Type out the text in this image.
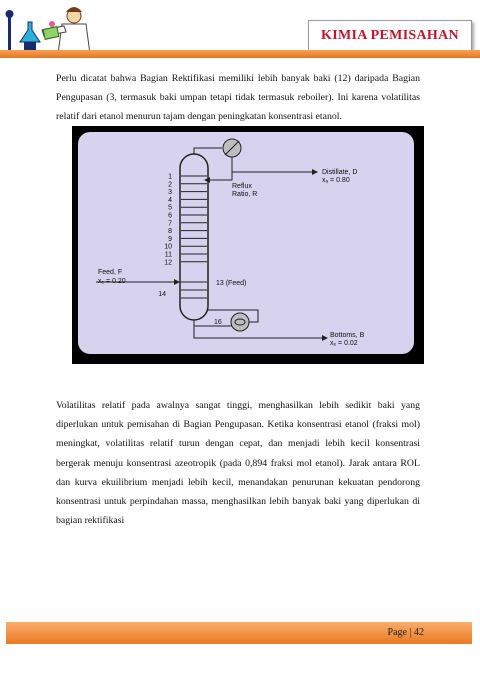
KIMIA PEMISAHAN

Perlu dicatat bahwa Bagian Rektifikasi memiliki lebih banyak baki (12) daripada Bagian Pengupasan (3, termasuk baki umpan tetapi tidak termasuk reboiler). Ini karena volatilitas relatif dari etanol menurun tajam dengan peningkatan konsentrasi etanol.

1
2
3
4
5
6
7
8
9
10
11
12
Distillate, D
xₐ = 0.80
Reflux
Ratio, R
Feed, F
xₑ = 0.20	13 (Feed)
14
16
Bottoms, B
xₑ = 0.02

Volatilitas relatif pada awalnya sangat tinggi, menghasilkan lebih sedikit baki yang diperlukan untuk pemisahan di Bagian Pengupasan. Ketika konsentrasi etanol (fraksi mol) meningkat, volatilitas relatif turun dengan cepat, dan menjadi lebih kecil konsentrasi bergerak menuju konsentrasi azeotropik (pada 0,894 fraksi mol etanol). Jarak antara ROL dan kurva ekuilibrium menjadi lebih kecil, menandakan penurunan kekuatan pendorong konsentrasi untuk perpindahan massa, menghasilkan lebih banyak baki yang diperlukan di bagian rektifikasi

Page | 42
